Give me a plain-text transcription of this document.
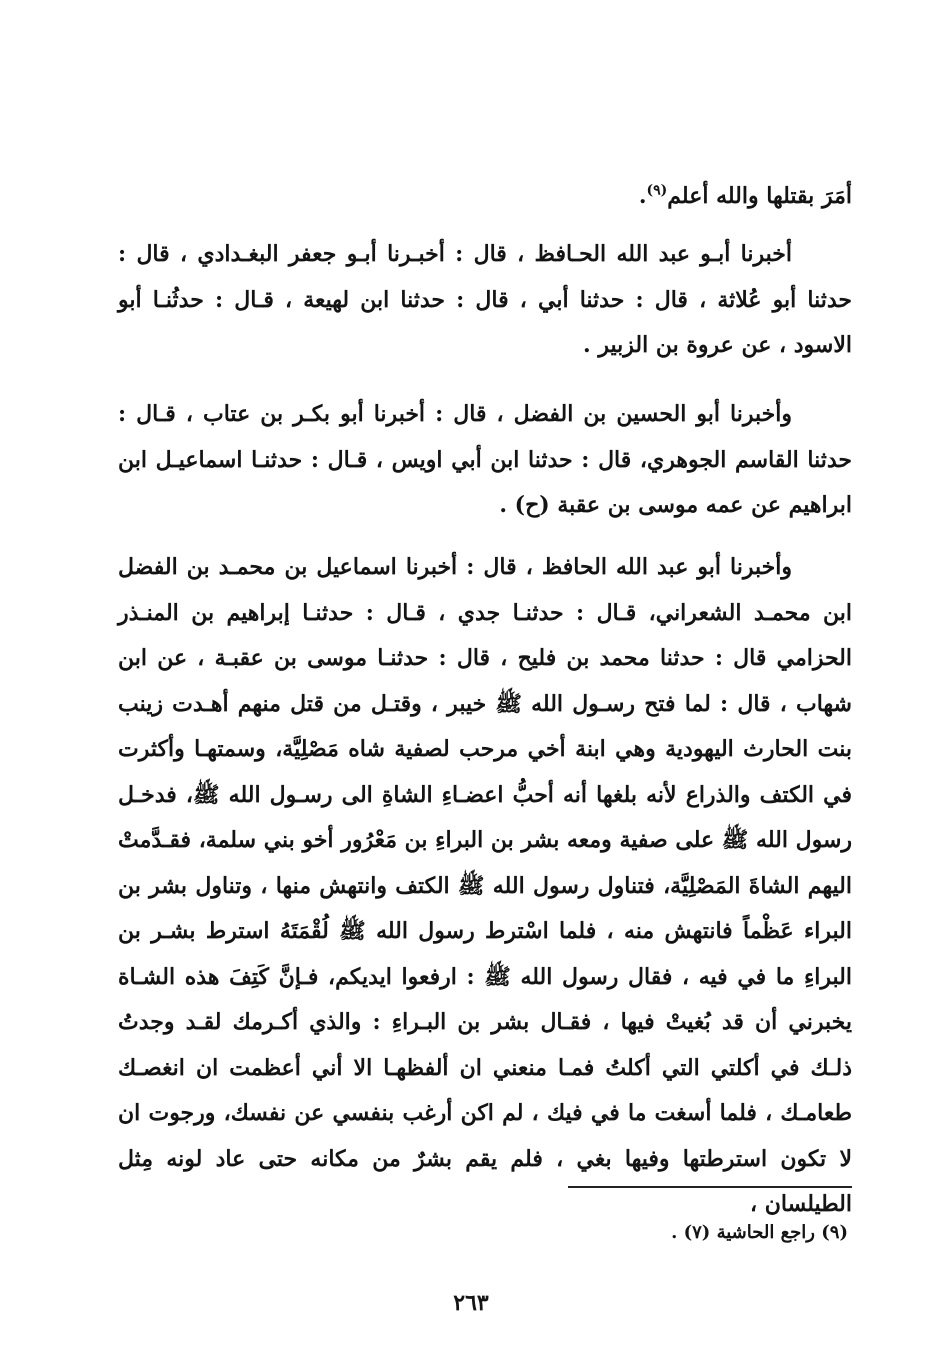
أمَرَ بقتلها والله أعلم$^{(٩)}$.

أخبرنا أبـو عبد الله الحـافظ ، قال : أخبـرنا أبـو جعفر البغـدادي ، قال : حدثنا أبو عُلاثة ، قال : حدثنا أبي ، قال : حدثنا ابن لهيعة ، قـال : حدثُنـا أبو الاسود ، عن عروة بن الزبير .

وأخبرنا أبو الحسين بن الفضل ، قال : أخبرنا أبو بكـر بن عتاب ، قـال : حدثنا القاسم الجوهري، قال : حدثنا ابن أبي اويس ، قـال : حدثنـا اسماعيـل ابن ابراهيم عن عمه موسى بن عقبة (ح) .

وأخبرنا أبو عبد الله الحافظ ، قال : أخبرنا اسماعيل بن محمـد بن الفضل ابن محمـد الشعراني، قـال : حدثنـا جدي ، قـال : حدثنـا إبراهيم بن المنـذر الحزامي قال : حدثنا محمد بن فليح ، قال : حدثنـا موسى بن عقبـة ، عن ابن شهاب ، قال : لما فتح رسـول الله ﷺ خيبر ، وقتـل من قتل منهم أهـدت زينب بنت الحارث اليهودية وهي ابنة أخي مرحب لصفية شاه مَصْلِيَّة، وسمتهـا وأكثرت في الكتف والذراع لأنه بلغها أنه أحبُّ اعضـاءِ الشاةِ الى رسـول الله ﷺ، فدخـل رسول الله ﷺ على صفية ومعه بشر بن البراءِ بن مَعْرُور أخو بني سلمة، فقـدَّمتْ اليهم الشاةَ المَصْلِيَّة، فتناول رسول الله ﷺ الكتف وانتهش منها ، وتناول بشر بن البراء عَظْماً فانتهش منه ، فلما اسْترط رسول الله ﷺ لُقْمَتَهُ استرط بشـر بن البراءِ ما في فيه ، فقال رسول الله ﷺ : ارفعوا ايديكم، فـإنَّ كَتِفَ هذه الشـاة يخبرني أن قد بُغيتْ فيها ، فقـال بشر بن البـراءِ : والذي أكـرمك لقـد وجدتُ ذلـك في أكلتي التي أكلتُ فمـا منعني ان ألفظهـا الا أني أعظمت ان انغصـك طعامـك ، فلما أسغت ما في فيك ، لم اكن أرغب بنفسي عن نفسك، ورجوت ان لا تكون استرطتها وفيها بغي ، فلم يقم بشرٌ من مكانه حتى عاد لونه مِثل الطيلسان ،

(٩) راجع الحاشية (٧) .
٢٦٣
